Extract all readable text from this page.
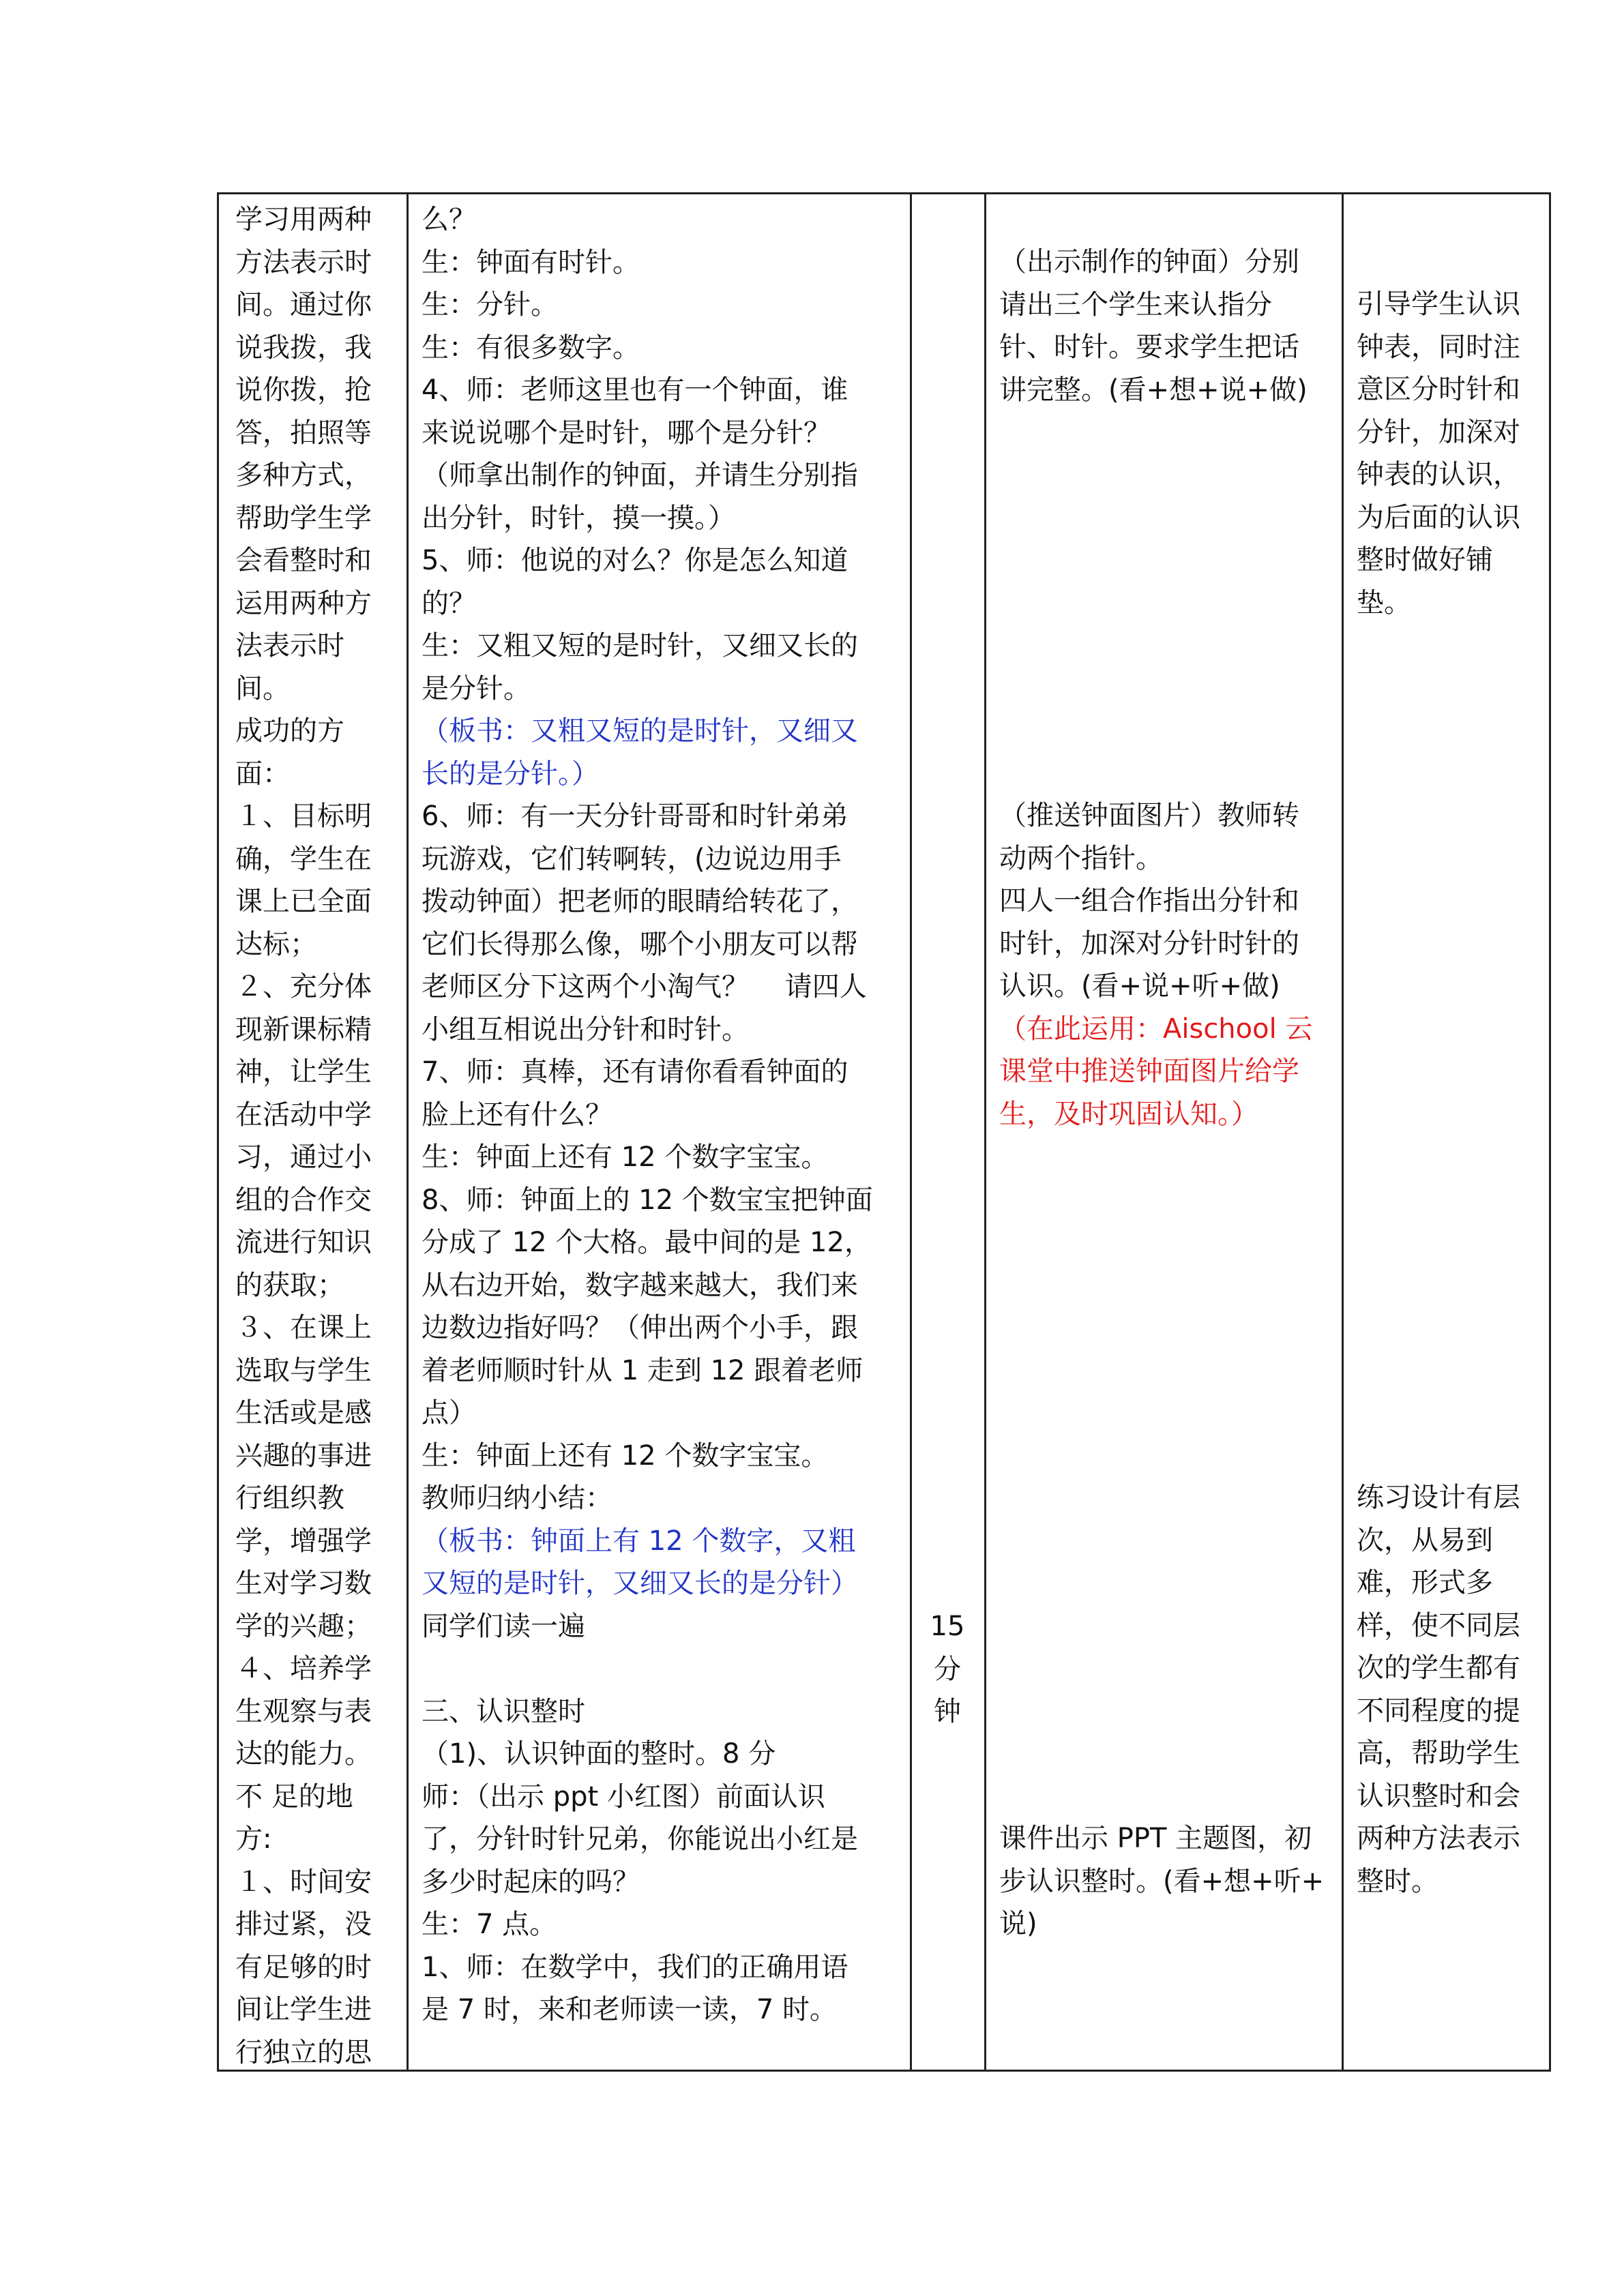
学习用两种
方法表示时
间。通过你
说我拨，我
说你拨，抢
答，拍照等
多种方式，
帮助学生学
会看整时和
运用两种方
法表示时
间。
成功的方
面：
１、目标明
确，学生在
课上已全面
达标；
２、充分体
现新课标精
神，让学生
在活动中学
习，通过小
组的合作交
流进行知识
的获取；
３、在课上
选取与学生
生活或是感
兴趣的事进
行组织教
学，增强学
生对学习数
学的兴趣；
４、培养学
生观察与表
达的能力。
不 足的地
方:
１、时间安
排过紧，没
有足够的时
间让学生进
行独立的思
么？
生：钟面有时针。
生：分针。
生：有很多数字。
4、师：老师这里也有一个钟面，谁
来说说哪个是时针，哪个是分针？
（师拿出制作的钟面，并请生分别指
出分针，时针，摸一摸。）
5、师：他说的对么？你是怎么知道
的？
生：又粗又短的是时针，又细又长的
是分针。
（板书：又粗又短的是时针，又细又
长的是分针。）
6、师：有一天分针哥哥和时针弟弟
玩游戏，它们转啊转，(边说边用手
拨动钟面）把老师的眼睛给转花了，
它们长得那么像，哪个小朋友可以帮
老师区分下这两个小淘气？　 请四人
小组互相说出分针和时针。
7、师：真棒，还有请你看看钟面的
脸上还有什么？
生：钟面上还有 12 个数字宝宝。
8、师：钟面上的 12 个数宝宝把钟面
分成了 12 个大格。最中间的是 12，
从右边开始，数字越来越大，我们来
边数边指好吗？（伸出两个小手，跟
着老师顺时针从 1 走到 12 跟着老师
点）
生：钟面上还有 12 个数字宝宝。
教师归纳小结：
（板书：钟面上有 12 个数字，又粗
又短的是时针，又细又长的是分针）
同学们读一遍
三、认识整时
（1)、认识钟面的整时。8 分
师：（出示 ppt 小红图）前面认识
了，分针时针兄弟，你能说出小红是
多少时起床的吗？
生：7 点。
1、师：在数学中，我们的正确用语
是 7 时，来和老师读一读，7 时。
15
分
钟
（出示制作的钟面）分别
请出三个学生来认指分
针、时针。要求学生把话
讲完整。(看+想+说+做)
（推送钟面图片）教师转
动两个指针。
四人一组合作指出分针和
时针，加深对分针时针的
认识。(看+说+听+做)
（在此运用：Aischool 云
课堂中推送钟面图片给学
生，及时巩固认知。）
课件出示 PPT 主题图，初
步认识整时。(看+想+听+
说)
引导学生认识
钟表，同时注
意区分时针和
分针，加深对
钟表的认识，
为后面的认识
整时做好铺
垫。
练习设计有层
次，从易到
难，形式多
样，使不同层
次的学生都有
不同程度的提
高，帮助学生
认识整时和会
两种方法表示
整时。
